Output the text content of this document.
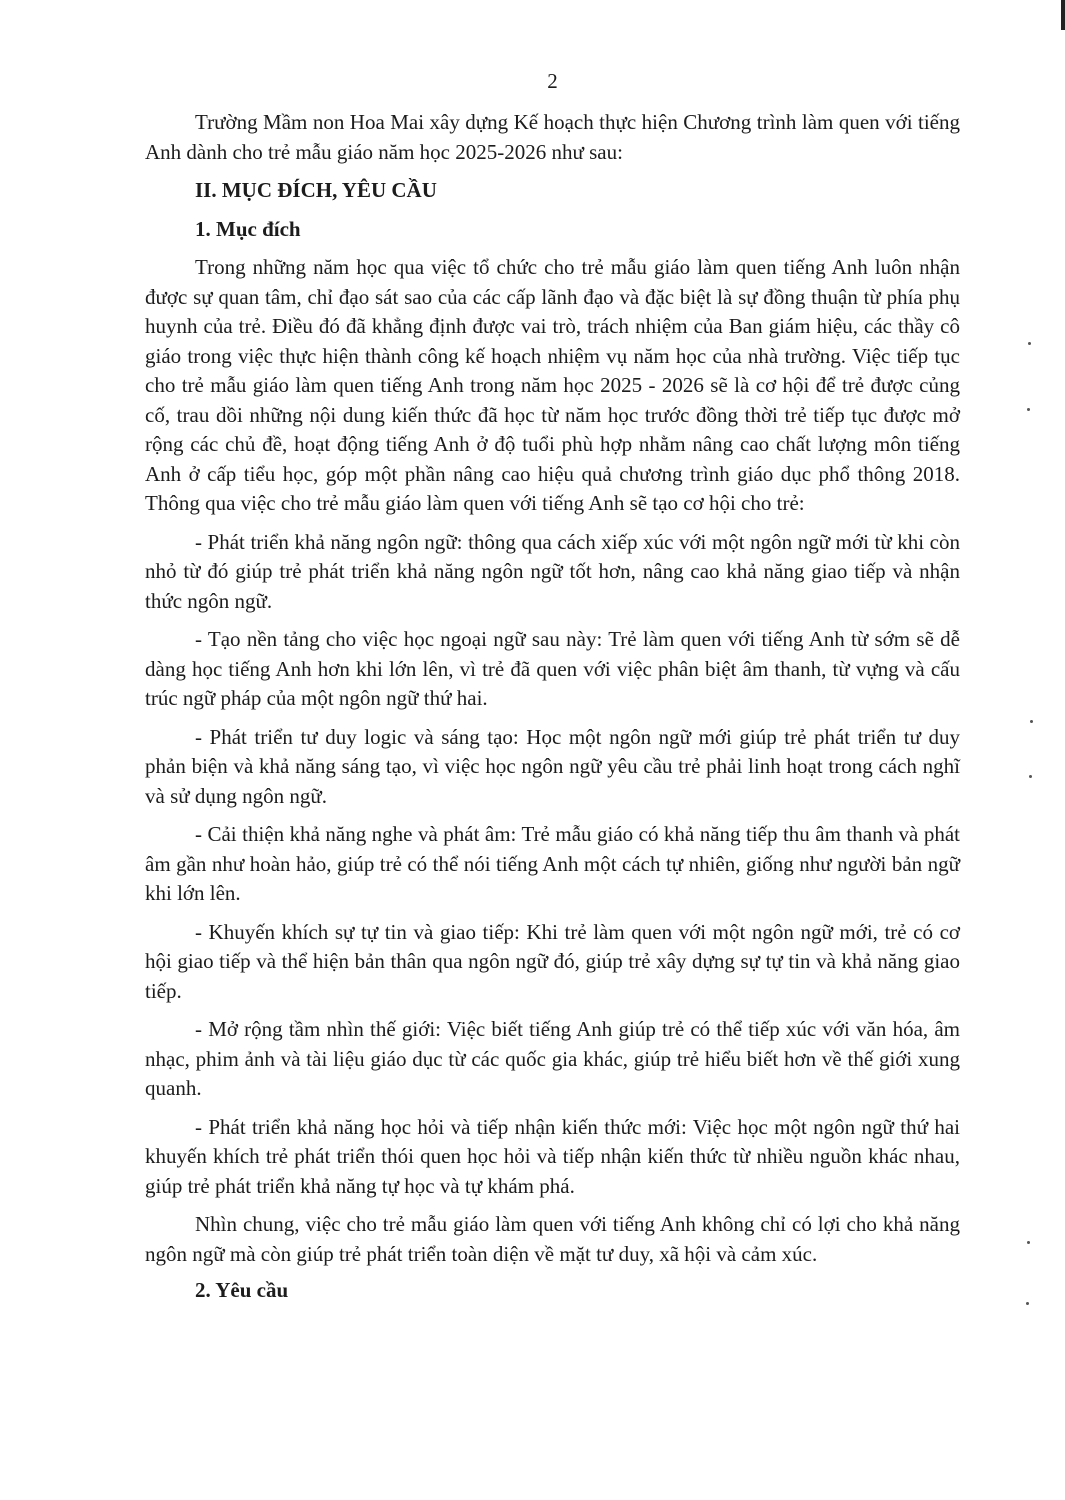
2

Trường Mầm non Hoa Mai xây dựng Kế hoạch thực hiện Chương trình làm quen với tiếng Anh dành cho trẻ mẫu giáo năm học 2025-2026 như sau:

II. MỤC ĐÍCH, YÊU CẦU
1. Mục đích

Trong những năm học qua việc tổ chức cho trẻ mẫu giáo làm quen tiếng Anh luôn nhận được sự quan tâm, chỉ đạo sát sao của các cấp lãnh đạo và đặc biệt là sự đồng thuận từ phía phụ huynh của trẻ. Điều đó đã khẳng định được vai trò, trách nhiệm của Ban giám hiệu, các thầy cô giáo trong việc thực hiện thành công kế hoạch nhiệm vụ năm học của nhà trường. Việc tiếp tục cho trẻ mẫu giáo làm quen tiếng Anh trong năm học 2025 - 2026 sẽ là cơ hội để trẻ được củng cố, trau dồi những nội dung kiến thức đã học từ năm học trước đồng thời trẻ tiếp tục được mở rộng các chủ đề, hoạt động tiếng Anh ở độ tuổi phù hợp nhằm nâng cao chất lượng môn tiếng Anh ở cấp tiểu học, góp một phần nâng cao hiệu quả chương trình giáo dục phổ thông 2018. Thông qua việc cho trẻ mẫu giáo làm quen với tiếng Anh sẽ tạo cơ hội cho trẻ:

- Phát triển khả năng ngôn ngữ: thông qua cách xiếp xúc với một ngôn ngữ mới từ khi còn nhỏ từ đó giúp trẻ phát triển khả năng ngôn ngữ tốt hơn, nâng cao khả năng giao tiếp và nhận thức ngôn ngữ.

- Tạo nền tảng cho việc học ngoại ngữ sau này: Trẻ làm quen với tiếng Anh từ sớm sẽ dễ dàng học tiếng Anh hơn khi lớn lên, vì trẻ đã quen với việc phân biệt âm thanh, từ vựng và cấu trúc ngữ pháp của một ngôn ngữ thứ hai.

- Phát triển tư duy logic và sáng tạo: Học một ngôn ngữ mới giúp trẻ phát triển tư duy phản biện và khả năng sáng tạo, vì việc học ngôn ngữ yêu cầu trẻ phải linh hoạt trong cách nghĩ và sử dụng ngôn ngữ.

- Cải thiện khả năng nghe và phát âm: Trẻ mẫu giáo có khả năng tiếp thu âm thanh và phát âm gần như hoàn hảo, giúp trẻ có thể nói tiếng Anh một cách tự nhiên, giống như người bản ngữ khi lớn lên.

- Khuyến khích sự tự tin và giao tiếp: Khi trẻ làm quen với một ngôn ngữ mới, trẻ có cơ hội giao tiếp và thể hiện bản thân qua ngôn ngữ đó, giúp trẻ xây dựng sự tự tin và khả năng giao tiếp.

- Mở rộng tầm nhìn thế giới: Việc biết tiếng Anh giúp trẻ có thể tiếp xúc với văn hóa, âm nhạc, phim ảnh và tài liệu giáo dục từ các quốc gia khác, giúp trẻ hiểu biết hơn về thế giới xung quanh.

- Phát triển khả năng học hỏi và tiếp nhận kiến thức mới: Việc học một ngôn ngữ thứ hai khuyến khích trẻ phát triển thói quen học hỏi và tiếp nhận kiến thức từ nhiều nguồn khác nhau, giúp trẻ phát triển khả năng tự học và tự khám phá.

Nhìn chung, việc cho trẻ mẫu giáo làm quen với tiếng Anh không chỉ có lợi cho khả năng ngôn ngữ mà còn giúp trẻ phát triển toàn diện về mặt tư duy, xã hội và cảm xúc.

2. Yêu cầu
